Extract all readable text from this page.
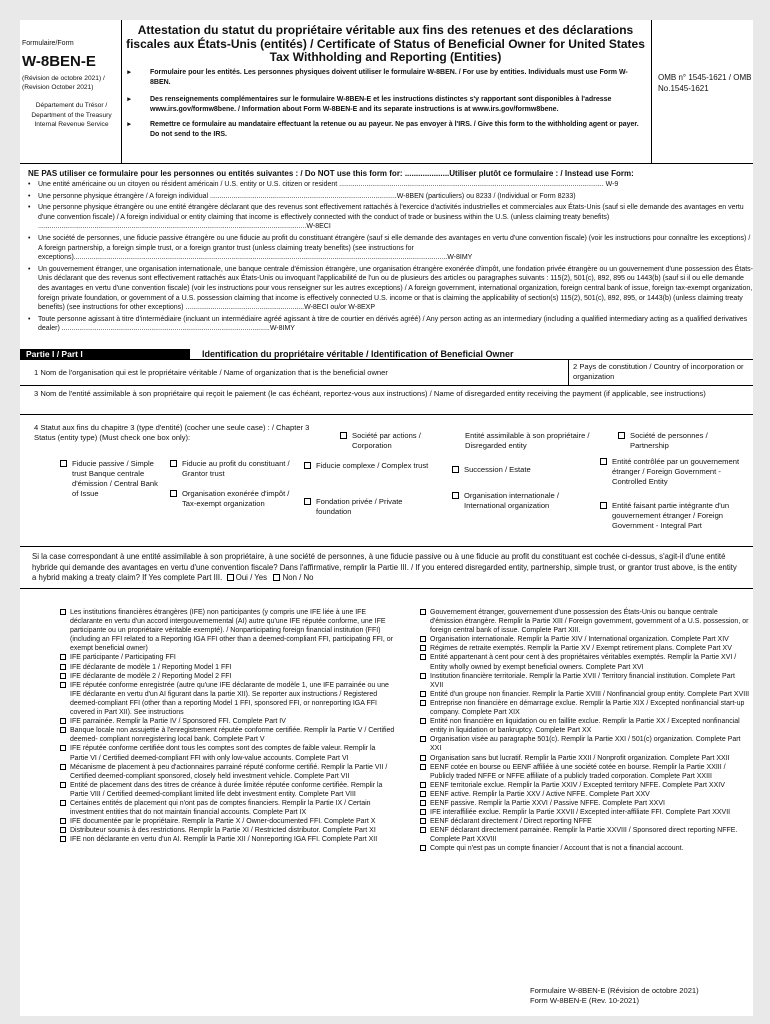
Formulaire/Form
W-8BEN-E
(Révision de octobre 2021) / (Revision October 2021)
Département du Trésor / Department of the Treasury Internal Revenue Service
Attestation du statut du propriétaire véritable aux fins des retenues et des déclarations fiscales aux États-Unis (entités) / Certificate of Status of Beneficial Owner for United States Tax Withholding and Reporting (Entities)
►	Formulaire pour les entités. Les personnes physiques doivent utiliser le formulaire W-8BEN. / For use by entities. Individuals must use Form W-8BEN.
►	Des renseignements complémentaires sur le formulaire W-8BEN-E et les instructions distinctes s'y rapportant sont disponibles à l'adresse www.irs.gov/formw8bene. / Information about Form W-8BEN-E and its separate instructions is at www.irs.gov/formw8bene.
►	Remettre ce formulaire au mandataire effectuant la retenue ou au payeur. Ne pas envoyer à l'IRS. / Give this form to the withholding agent or payer. Do not send to the IRS.
OMB n° 1545-1621 / OMB No.1545-1621
NE PAS utiliser ce formulaire pour les personnes ou entités suivantes : / Do NOT use this form for: ....................Utiliser plutôt ce formulaire : / Instead use Form:
• Une entité américaine ou un citoyen ou résident américain / U.S. entity or U.S. citizen or resident ........................................................................................................................................ W-9
• Une personne physique étrangère / A foreign individual ................................................................................................W-8BEN (particuliers) ou 8233 / (Individual or Form 8233)
• Une personne physique étrangère ou une entité étrangère déclarant que des revenus sont effectivement rattachés à l'exercice d'activités industrielles et commerciales aux États-Unis (sauf si elle demande des avantages en vertu d'une convention fiscale) / A foreign individual or entity claiming that income is effectively connected with the conduct of trade or business within the U.S. (unless claiming treaty benefits) ..........................................................................................................................................W-8ECI
• Une société de personnes, une fiducie passive étrangère ou une fiducie au profit du constituant étrangère (sauf si elle demande des avantages en vertu d'une convention fiscale) (voir les instructions pour connaître les exceptions) / A foreign partnership, a foreign simple trust, or a foreign grantor trust (unless claiming treaty benefits) (see instructions for exceptions)................................................................................................................................................................................................W-8IMY
• Un gouvernement étranger, une organisation internationale, une banque centrale d'émission étrangère, une organisation étrangère exonérée d'impôt, une fondation privée étrangère ou un gouvernement d'une possession des États-Unis déclarant que des revenus sont effectivement rattachés aux États-Unis ou invoquant l'applicabilité de l'un ou de plusieurs des articles ou paragraphes suivants : 115(2), 501(c), 892, 895 ou 1443(b) (sauf si il ou elle demande des avantages en vertu d'une convention fiscale) (voir les instructions pour vous renseigner sur les autres exceptions) / A foreign government, international organization, foreign central bank of issue, foreign tax-exempt organization, foreign private foundation, or government of a U.S. possession claiming that income is effectively connected U.S. income or that is claiming the applicability of section(s) 115(2), 501(c), 892, 895, or 1443(b) (unless claiming treaty benefits) (see instructions for other exceptions) .............................................................W-8ECI ou/or W-8EXP
• Toute personne agissant à titre d'intermédiaire (incluant un intermédiaire agréé agissant à titre de courtier en dérivés agréé) / Any person acting as an intermediary (including a qualified intermediary acting as a qualified derivatives dealer) ...........................................................................................................W-8IMY
Partie I / Part I	Identification du propriétaire véritable / Identification of Beneficial Owner
1 Nom de l'organisation qui est le propriétaire véritable / Name of organization that is the beneficial owner
2 Pays de constitution / Country of incorporation or organization
3 Nom de l'entité assimilable à son propriétaire qui reçoit le paiement (le cas échéant, reportez-vous aux instructions) / Name of disregarded entity receiving the payment (if applicable, see instructions)
4 Statut aux fins du chapitre 3 (type d'entité) (cocher une seule case) : / Chapter 3 Status (entity type) (Must check one box only):	Société par actions / Corporation
Entité assimilable à son propriétaire / Disregarded entity
Société de personnes / Partnership
Fiducie passive / Simple trust Banque centrale d'émission / Central Bank of Issue
Fiducie au profit du constituant / Grantor trust
Organisation exonérée d'impôt / Tax-exempt organization
Fiducie complexe / Complex trust
Fondation privée / Private foundation
Succession / Estate
Organisation internationale / International organization
Entité contrôlée par un gouvernement étranger / Foreign Government - Controlled Entity
Entité faisant partie intégrante d'un gouvernement étranger / Foreign Government - Integral Part
Si la case correspondant à une entité assimilable à son propriétaire, à une société de personnes, à une fiducie passive ou à une fiducie au profit du constituant est cochée ci-dessus, s'agit-il d'une entité hybride qui demande des avantages en vertu d'une convention fiscale? Dans l'affirmative, remplir la Partie III. / If you entered disregarded entity, partnership, simple trust, or grantor trust above, is the entity a hybrid making a treaty claim? If Yes complete Part III. Oui / Yes Non / No
Les institutions financières étrangères (IFE) non participantes (y compris une IFE liée à une IFE déclarante en vertu d'un accord intergouvernemental (AI) autre qu'une IFE réputée conforme, une IFE participante ou un propriétaire véritable exempté). / Nonparticipating foreign financial institution (FFI) (including an FFI related to a Reporting IGA FFI other than a deemed-compliant FFI, participating FFI, or exempt beneficial owner)
IFE participante / Participating FFI
IFE déclarante de modèle 1 / Reporting Model 1 FFI
IFE déclarante de modèle 2 / Reporting Model 2 FFI
IFE réputée conforme enregistrée (autre qu'une IFE déclarante de modèle 1, une IFE parrainée ou une IFE déclarante en vertu d'un AI figurant dans la partie XII). Se reporter aux instructions / Registered deemed-compliant FFI (other than a reporting Model 1 FFI, sponsored FFI, or nonreporting IGA FFI covered in Part XII). See instructions
IFE parrainée. Remplir la Partie IV / Sponsored FFI. Complete Part IV
Banque locale non assujettie à l'enregistrement réputée conforme certifiée. Remplir la Partie V / Certified deemed- compliant nonregistering local bank. Complete Part V
IFE réputée conforme certifiée dont tous les comptes sont des comptes de faible valeur. Remplir la Partie VI / Certified deemed-compliant FFI with only low-value accounts. Complete Part VI
Mécanisme de placement à peu d'actionnaires parrainé réputé conforme certifié. Remplir la Partie VII / Certified deemed-compliant sponsored, closely held investment vehicle. Complete Part VII
Entité de placement dans des titres de créance à durée limitée réputée conforme certifiée. Remplir la Partie VIII / Certified deemed-compliant limited life debt investment entity. Complete Part VIII
Certaines entités de placement qui n'ont pas de comptes financiers. Remplir la Partie IX / Certain investment entities that do not maintain financial accounts. Complete Part IX
IFE documentée par le propriétaire. Remplir la Partie X / Owner-documented FFI. Complete Part X
Distributeur soumis à des restrictions. Remplir la Partie XI / Restricted distributor. Complete Part XI
IFE non déclarante en vertu d'un AI. Remplir la Partie XII / Nonreporting IGA FFI. Complete Part XII
Gouvernement étranger, gouvernement d'une possession des États-Unis ou banque centrale d'émission étrangère. Remplir la Partie XIII / Foreign government, government of a U.S. possession, or foreign central bank of issue. Complete Part XIII.
Organisation internationale. Remplir la Partie XIV / International organization. Complete Part XIV
Régimes de retraite exemptés. Remplir la Partie XV / Exempt retirement plans. Complete Part XV
Entité appartenant à cent pour cent à des propriétaires véritables exemptés. Remplir la Partie XVI / Entity wholly owned by exempt beneficial owners. Complete Part XVI
Institution financière territoriale. Remplir la Partie XVII / Territory financial institution. Complete Part XVII
Entité d'un groupe non financier. Remplir la Partie XVIII / Nonfinancial group entity. Complete Part XVIII
Entreprise non financière en démarrage exclue. Remplir la Partie XIX / Excepted nonfinancial start-up company. Complete Part XIX
Entité non financière en liquidation ou en faillite exclue. Remplir la Partie XX / Excepted nonfinancial entity in liquidation or bankruptcy. Complete Part XX
Organisation visée au paragraphe 501(c). Remplir la Partie XXI / 501(c) organization. Complete Part XXI
Organisation sans but lucratif. Remplir la Partie XXII / Nonprofit organization. Complete Part XXII
EENF cotée en bourse ou EENF affiliée à une société cotée en bourse. Remplir la Partie XXIII / Publicly traded NFFE or NFFE affiliate of a publicly traded corporation. Complete Part XXIII
EENF territoriale exclue. Remplir la Partie XXIV / Excepted territory NFFE. Complete Part XXIV
EENF active. Remplir la Partie XXV / Active NFFE. Complete Part XXV
EENF passive. Remplir la Partie XXVI / Passive NFFE. Complete Part XXVI
IFE interaffiliée exclue. Remplir la Partie XXVII / Excepted inter-affiliate FFI. Complete Part XXVII
EENF déclarant directement / Direct reporting NFFE
EENF déclarant directement parrainée. Remplir la Partie XXVIII / Sponsored direct reporting NFFE. Complete Part XXVIII
Compte qui n'est pas un compte financier / Account that is not a financial account.
Formulaire W-8BEN-E (Révision de octobre 2021)
Form W-8BEN-E (Rev. 10-2021)
